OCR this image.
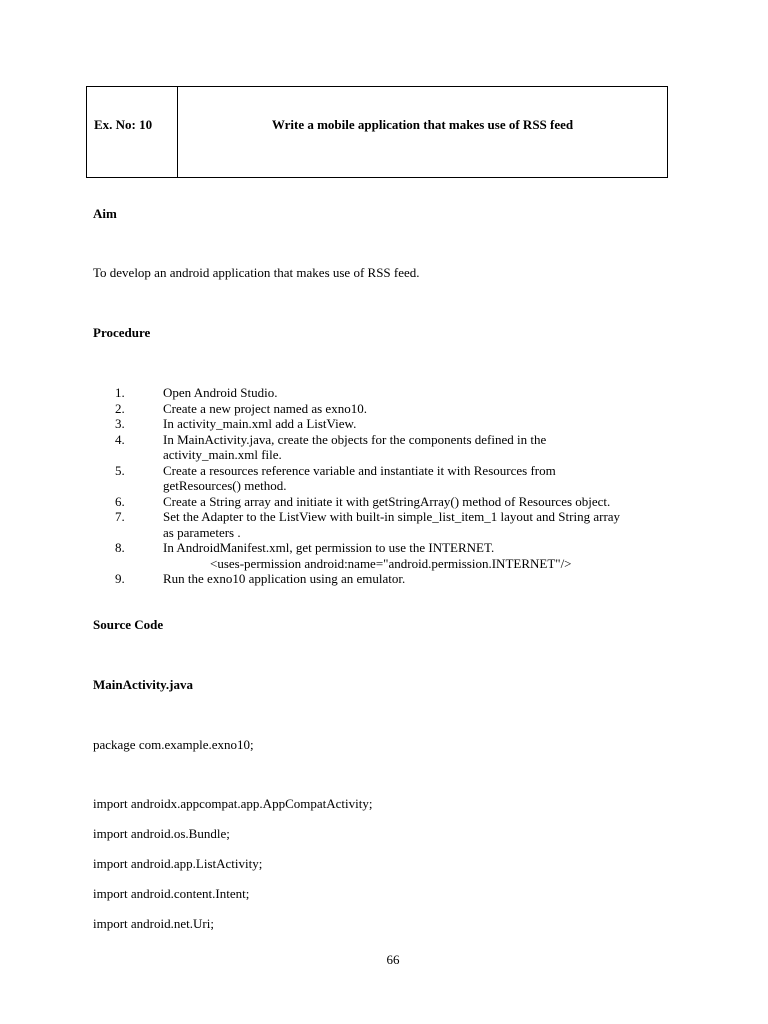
Ex. No: 10	Write a mobile application that makes use of RSS feed
Aim
To develop an android application that makes use of RSS feed.
Procedure
1.	Open Android Studio.
2.	Create a new project named as exno10.
3.	In activity_main.xml add a ListView.
4.	In MainActivity.java, create the objects for the components defined in the
activity_main.xml file.
5.	Create a resources reference variable and instantiate it with Resources from
getResources() method.
6.	Create a String array and initiate it with getStringArray() method of Resources object.
7.	Set the Adapter to the ListView with built-in simple_list_item_1 layout and String array
as parameters .
8.	In AndroidManifest.xml, get permission to use the INTERNET.
<uses-permission android:name="android.permission.INTERNET"/>
9.	Run the exno10 application using an emulator.
Source Code
MainActivity.java
package com.example.exno10;
import androidx.appcompat.app.AppCompatActivity;
import android.os.Bundle;
import android.app.ListActivity;
import android.content.Intent;
import android.net.Uri;
66
